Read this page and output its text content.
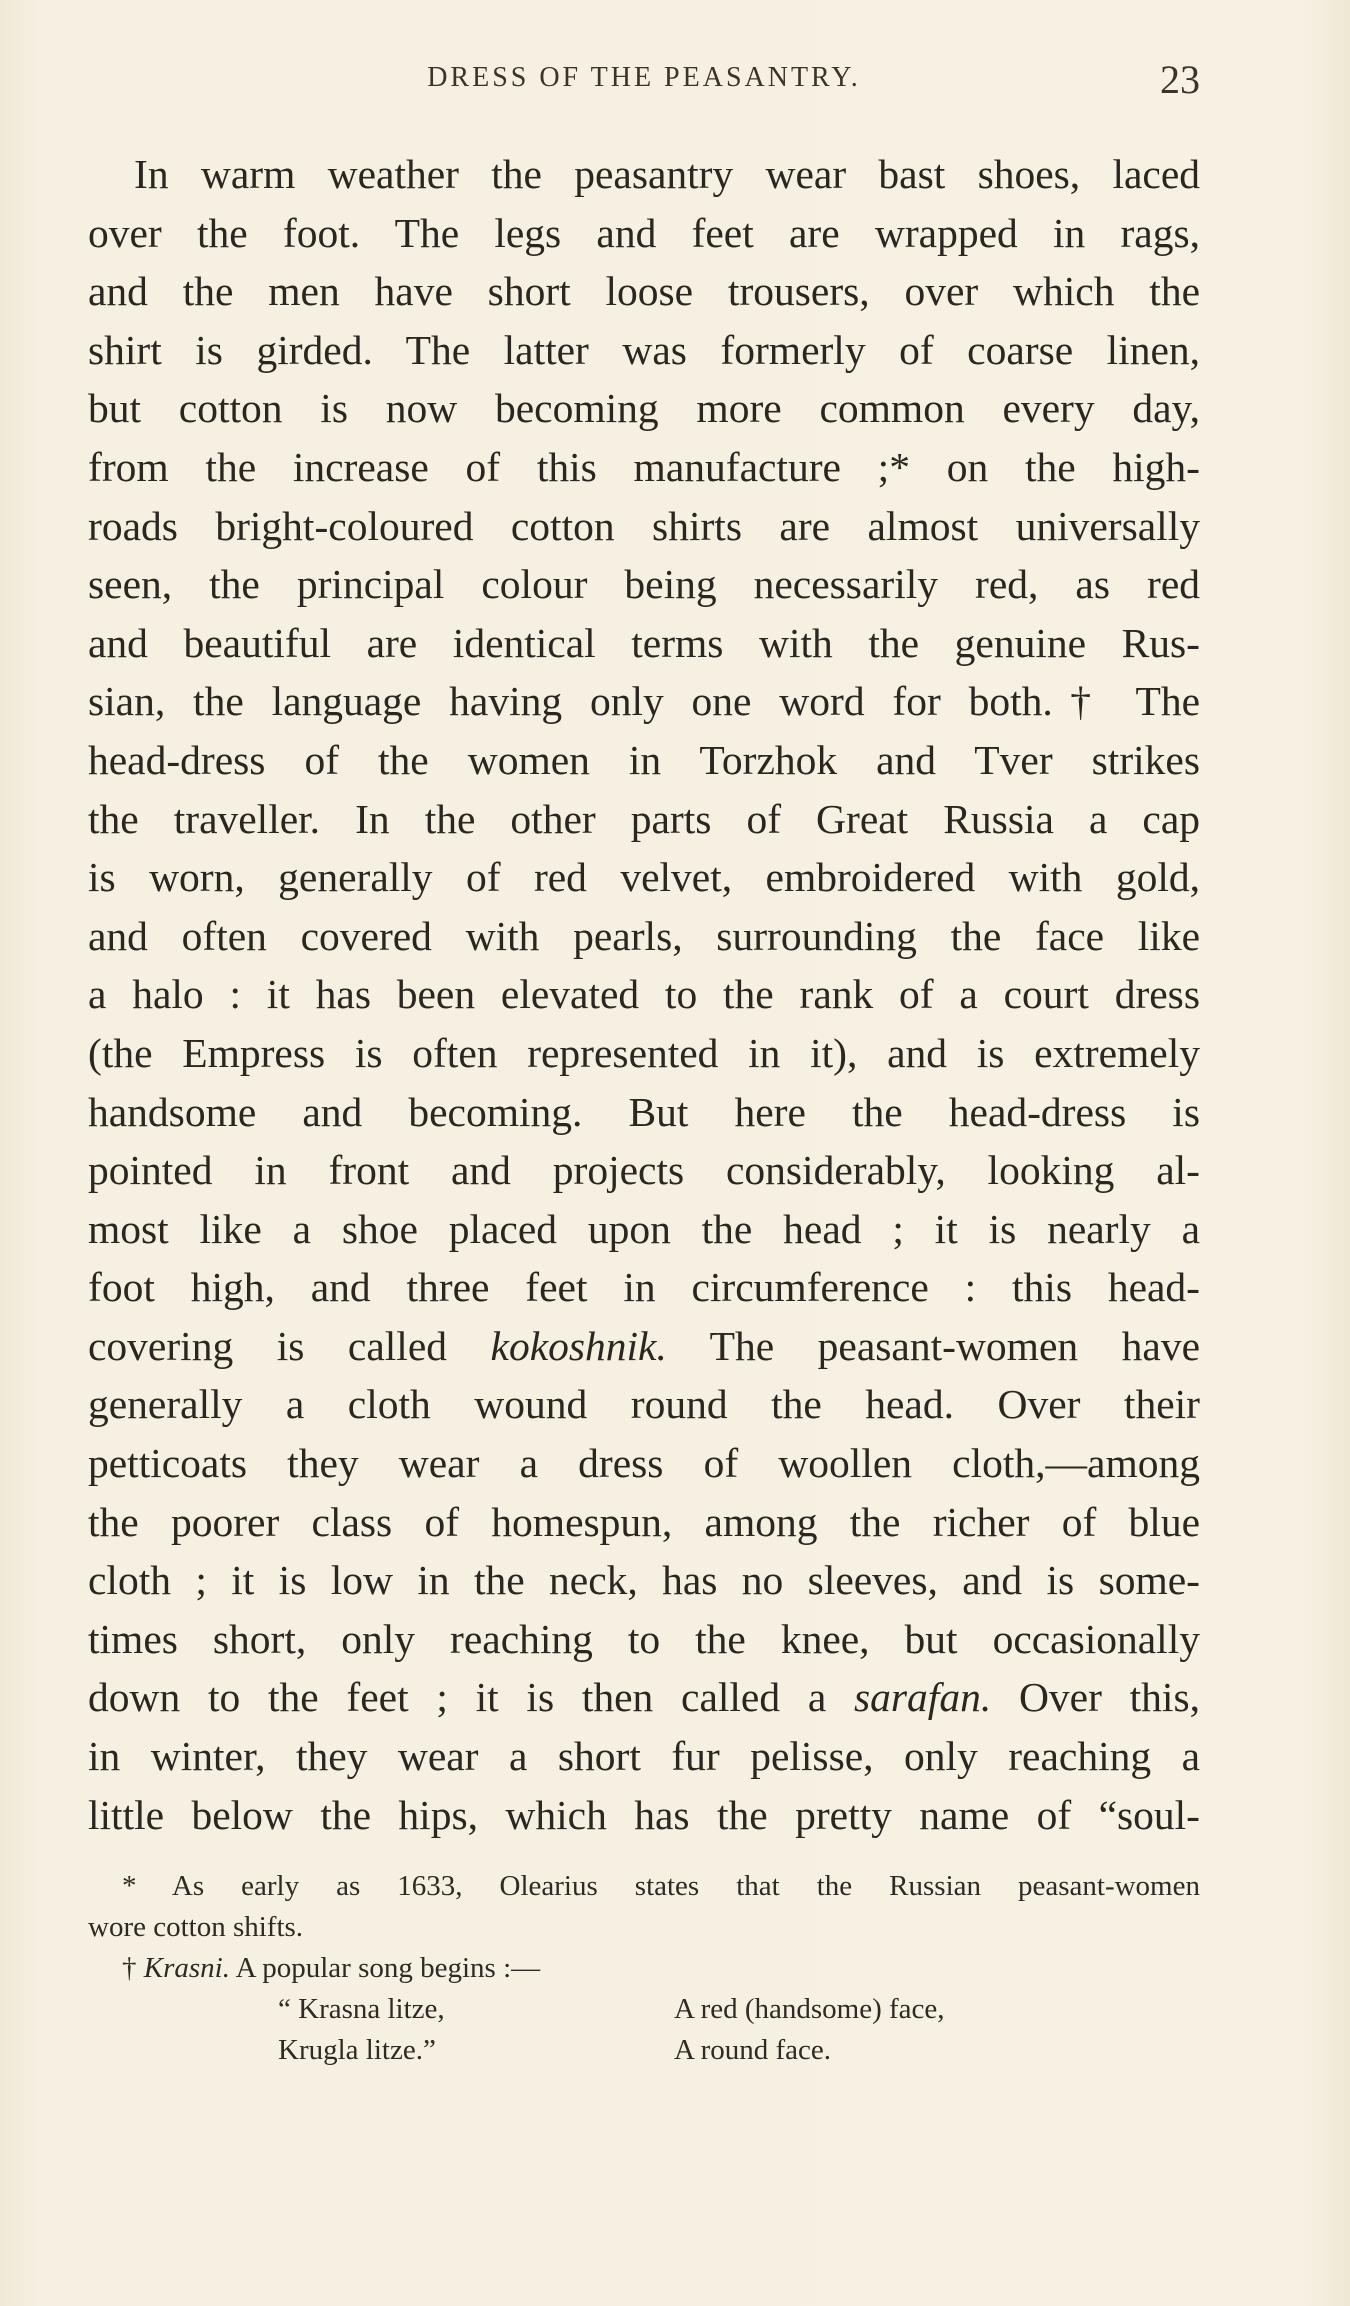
DRESS OF THE PEASANTRY.	23
In warm weather the peasantry wear bast shoes, laced
over the foot. The legs and feet are wrapped in rags,
and the men have short loose trousers, over which the
shirt is girded. The latter was formerly of coarse linen,
but cotton is now becoming more common every day,
from the increase of this manufacture ;* on the high-
roads bright-coloured cotton shirts are almost universally
seen, the principal colour being necessarily red, as red
and beautiful are identical terms with the genuine Rus-
sian, the language having only one word for both.† The
head-dress of the women in Torzhok and Tver strikes
the traveller. In the other parts of Great Russia a cap
is worn, generally of red velvet, embroidered with gold,
and often covered with pearls, surrounding the face like
a halo : it has been elevated to the rank of a court dress
(the Empress is often represented in it), and is extremely
handsome and becoming. But here the head-dress is
pointed in front and projects considerably, looking al-
most like a shoe placed upon the head ; it is nearly a
foot high, and three feet in circumference : this head-
covering is called kokoshnik. The peasant-women have
generally a cloth wound round the head. Over their
petticoats they wear a dress of woollen cloth,—among
the poorer class of homespun, among the richer of blue
cloth ; it is low in the neck, has no sleeves, and is some-
times short, only reaching to the knee, but occasionally
down to the feet ; it is then called a sarafan. Over this,
in winter, they wear a short fur pelisse, only reaching a
little below the hips, which has the pretty name of “soul-
* As early as 1633, Olearius states that the Russian peasant-women
wore cotton shifts.
† Krasni. A popular song begins :—
“ Krasna litze,	A red (handsome) face,
Krugla litze.”	A round face.
